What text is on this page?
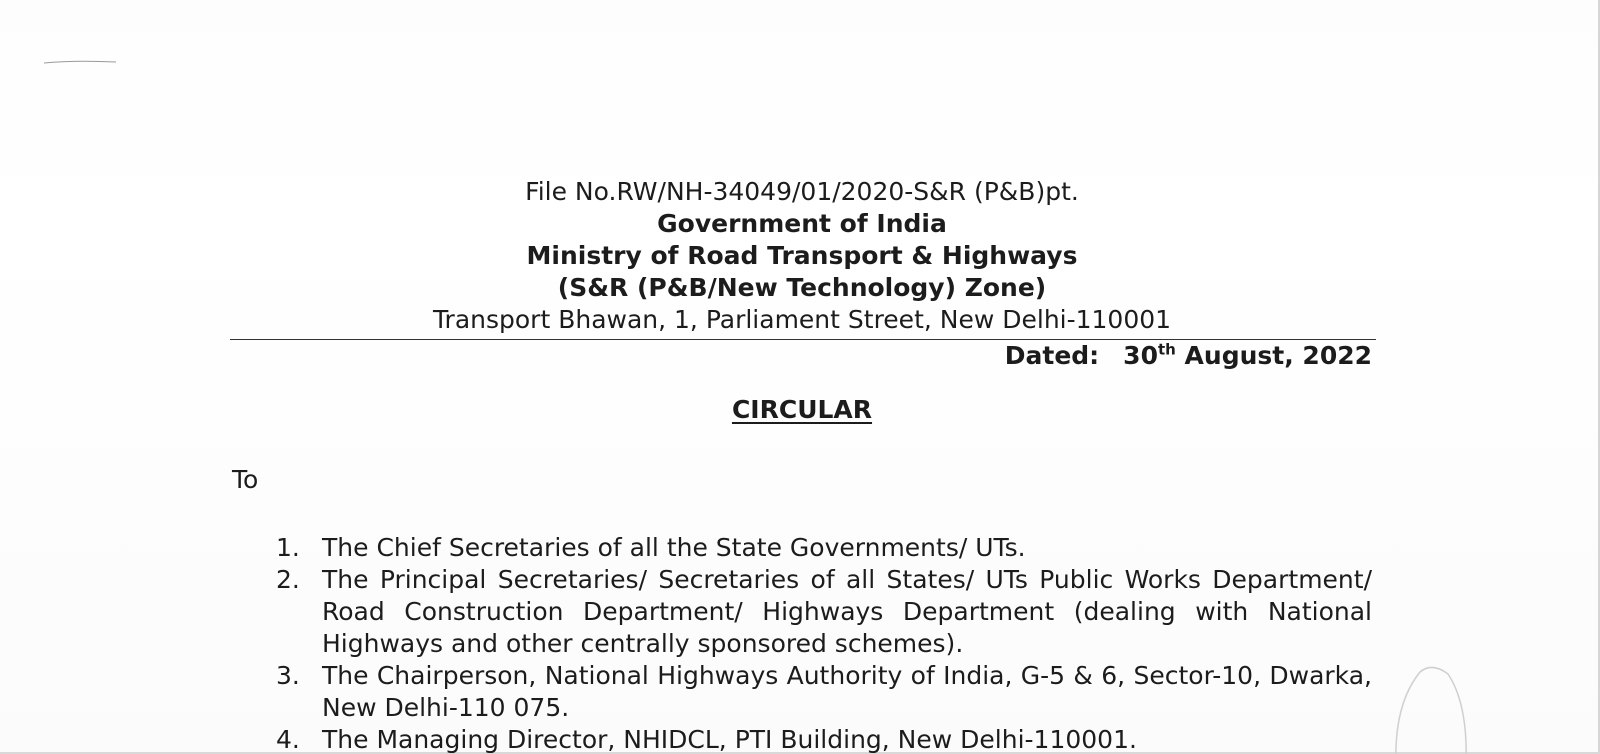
File No.RW/NH-34049/01/2020-S&R (P&B)pt.
Government of India
Ministry of Road Transport & Highways
(S&R (P&B/New Technology) Zone)
Transport Bhawan, 1, Parliament Street, New Delhi-110001
Dated: 30th August, 2022
CIRCULAR
To
1. The Chief Secretaries of all the State Governments/ UTs.
2. The Principal Secretaries/ Secretaries of all States/ UTs Public Works Department/ Road Construction Department/ Highways Department (dealing with National Highways and other centrally sponsored schemes).
3. The Chairperson, National Highways Authority of India, G-5 & 6, Sector-10, Dwarka, New Delhi-110 075.
4. The Managing Director, NHIDCL, PTI Building, New Delhi-110001.
